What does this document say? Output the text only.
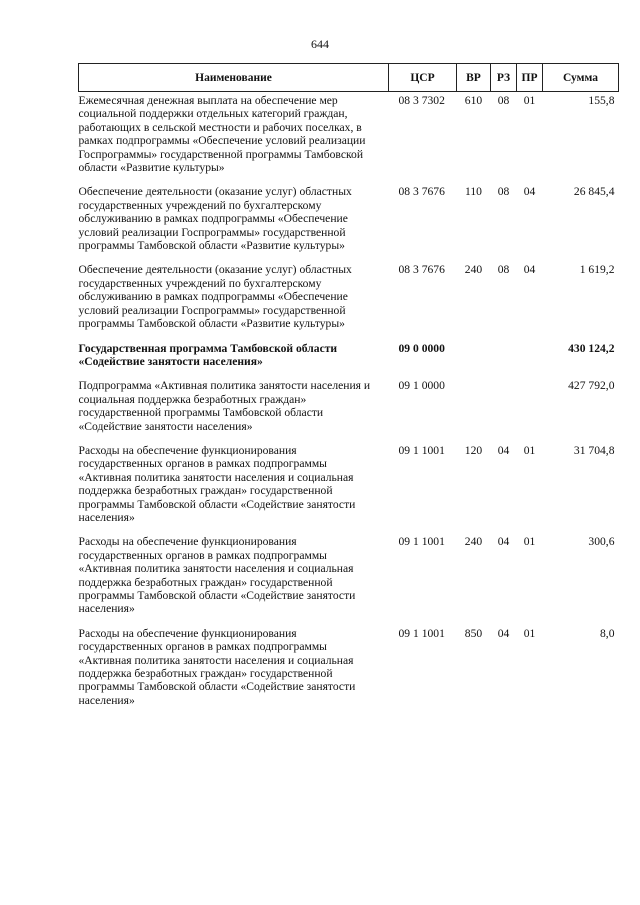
644
Наименование	ЦСР	ВР	РЗ	ПР	Сумма
Ежемесячная денежная выплата на обеспечение мер социальной поддержки отдельных категорий граждан, работающих в сельской местности и рабочих поселках, в рамках подпрограммы «Обеспечение условий реализации Госпрограммы» государственной программы Тамбовской области «Развитие культуры»	08 3 7302	610	08	01	155,8
Обеспечение деятельности (оказание услуг) областных государственных учреждений по бухгалтерскому обслуживанию в рамках подпрограммы «Обеспечение условий реализации Госпрограммы» государственной программы Тамбовской области «Развитие культуры»	08 3 7676	110	08	04	26 845,4
Обеспечение деятельности (оказание услуг) областных государственных учреждений по бухгалтерскому обслуживанию в рамках подпрограммы «Обеспечение условий реализации Госпрограммы» государственной программы Тамбовской области «Развитие культуры»	08 3 7676	240	08	04	1 619,2
Государственная программа Тамбовской области «Содействие занятости населения»	09 0 0000				430 124,2
Подпрограмма «Активная политика занятости населения и социальная поддержка безработных граждан» государственной программы Тамбовской области «Содействие занятости населения»	09 1 0000				427 792,0
Расходы на обеспечение функционирования государственных органов в рамках подпрограммы «Активная политика занятости населения и социальная поддержка безработных граждан» государственной программы Тамбовской области «Содействие занятости населения»	09 1 1001	120	04	01	31 704,8
Расходы на обеспечение функционирования государственных органов в рамках подпрограммы «Активная политика занятости населения и социальная поддержка безработных граждан» государственной программы Тамбовской области «Содействие занятости населения»	09 1 1001	240	04	01	300,6
Расходы на обеспечение функционирования государственных органов в рамках подпрограммы «Активная политика занятости населения и социальная поддержка безработных граждан» государственной программы Тамбовской области «Содействие занятости населения»	09 1 1001	850	04	01	8,0
